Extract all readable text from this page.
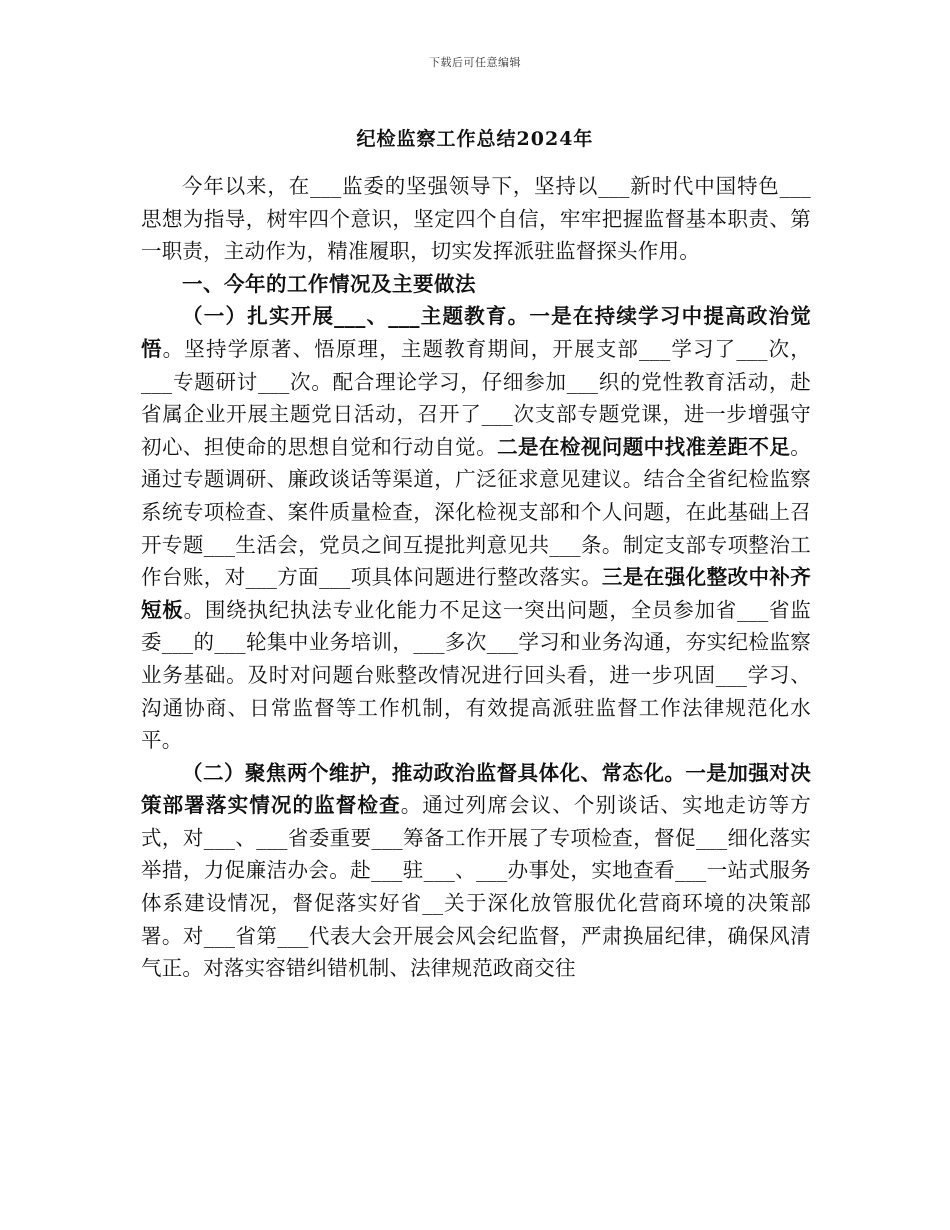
下载后可任意编辑
纪检监察工作总结2024年

今年以来，在___监委的坚强领导下，坚持以___新时代中国特色___思想为指导，树牢四个意识，坚定四个自信，牢牢把握监督基本职责、第一职责，主动作为，精准履职，切实发挥派驻监督探头作用。

一、今年的工作情况及主要做法

（一）扎实开展___、___主题教育。一是在持续学习中提高政治觉悟。坚持学原著、悟原理，主题教育期间，开展支部___学习了___次，___专题研讨___次。配合理论学习，仔细参加___织的党性教育活动，赴省属企业开展主题党日活动，召开了___次支部专题党课，进一步增强守初心、担使命的思想自觉和行动自觉。二是在检视问题中找准差距不足。通过专题调研、廉政谈话等渠道，广泛征求意见建议。结合全省纪检监察系统专项检查、案件质量检查，深化检视支部和个人问题，在此基础上召开专题___生活会，党员之间互提批判意见共___条。制定支部专项整治工作台账，对___方面___项具体问题进行整改落实。三是在强化整改中补齐短板。围绕执纪执法专业化能力不足这一突出问题，全员参加省___省监委___的___轮集中业务培训，___多次___学习和业务沟通，夯实纪检监察业务基础。及时对问题台账整改情况进行回头看，进一步巩固___学习、沟通协商、日常监督等工作机制，有效提高派驻监督工作法律规范化水平。

（二）聚焦两个维护，推动政治监督具体化、常态化。一是加强对决策部署落实情况的监督检查。通过列席会议、个别谈话、实地走访等方式，对___、___省委重要___筹备工作开展了专项检查，督促___细化落实举措，力促廉洁办会。赴___驻___、___办事处，实地查看___一站式服务体系建设情况，督促落实好省__关于深化放管服优化营商环境的决策部署。对___省第___代表大会开展会风会纪监督，严肃换届纪律，确保风清气正。对落实容错纠错机制、法律规范政商交往
